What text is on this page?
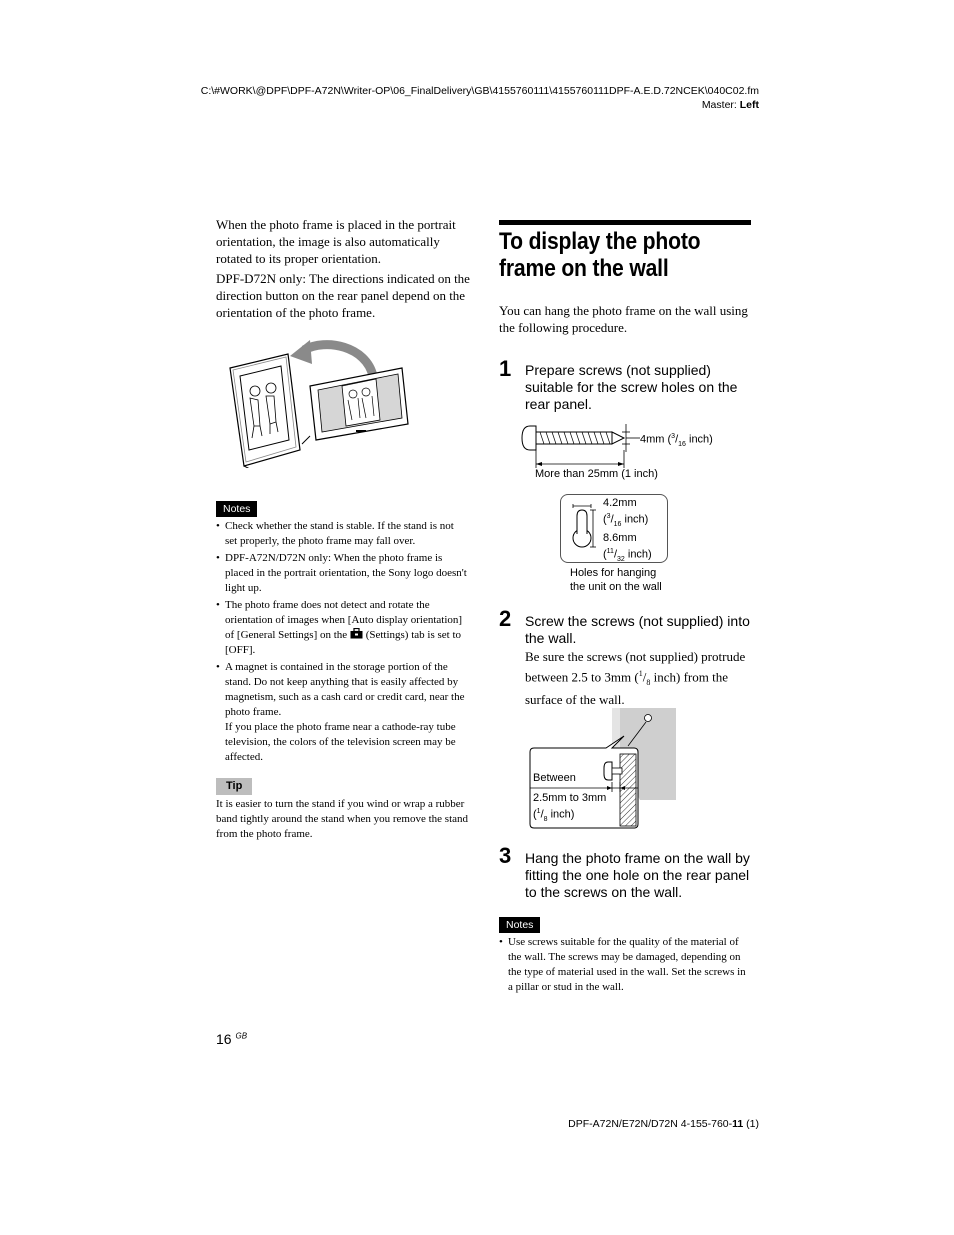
C:\#WORK\@DPF\DPF-A72N\Writer-OP\06_FinalDelivery\GB\4155760111\4155760111DPF-A.E.D.72NCEK\040C02.fm
Master: Left

When the photo frame is placed in the portrait orientation, the image is also automatically rotated to its proper orientation.

DPF-D72N only: The directions indicated on the direction button on the rear panel depend on the orientation of the photo frame.

Notes
• Check whether the stand is stable. If the stand is not set properly, the photo frame may fall over.
• DPF-A72N/D72N only: When the photo frame is placed in the portrait orientation, the Sony logo doesn't light up.
• The photo frame does not detect and rotate the orientation of images when [Auto display orientation] of [General Settings] on the (Settings) tab is set to [OFF].
• A magnet is contained in the storage portion of the stand. Do not keep anything that is easily affected by magnetism, such as a cash card or credit card, near the photo frame.
If you place the photo frame near a cathode-ray tube television, the colors of the television screen may be affected.
Tip
It is easier to turn the stand if you wind or wrap a rubber band tightly around the stand when you remove the stand from the photo frame.
To display the photo frame on the wall
You can hang the photo frame on the wall using the following procedure.
1 Prepare screws (not supplied) suitable for the screw holes on the rear panel.
4mm ($^3/_{16}$ inch)
More than 25mm (1 inch)
4.2mm
($^3/_{16}$ inch)
8.6mm
($^{11}/_{32}$ inch)
Holes for hanging
the unit on the wall
2 Screw the screws (not supplied) into the wall.
Be sure the screws (not supplied) protrude between 2.5 to 3mm ($^1/_8$ inch) from the surface of the wall.
Between
2.5mm to 3mm
($^1/_8$ inch)
3 Hang the photo frame on the wall by fitting the one hole on the rear panel to the screws on the wall.
Notes
• Use screws suitable for the quality of the material of the wall. The screws may be damaged, depending on the type of material used in the wall. Set the screws in a pillar or stud in the wall.
16 $^{GB}$
DPF-A72N/E72N/D72N 4-155-760-11 (1)
